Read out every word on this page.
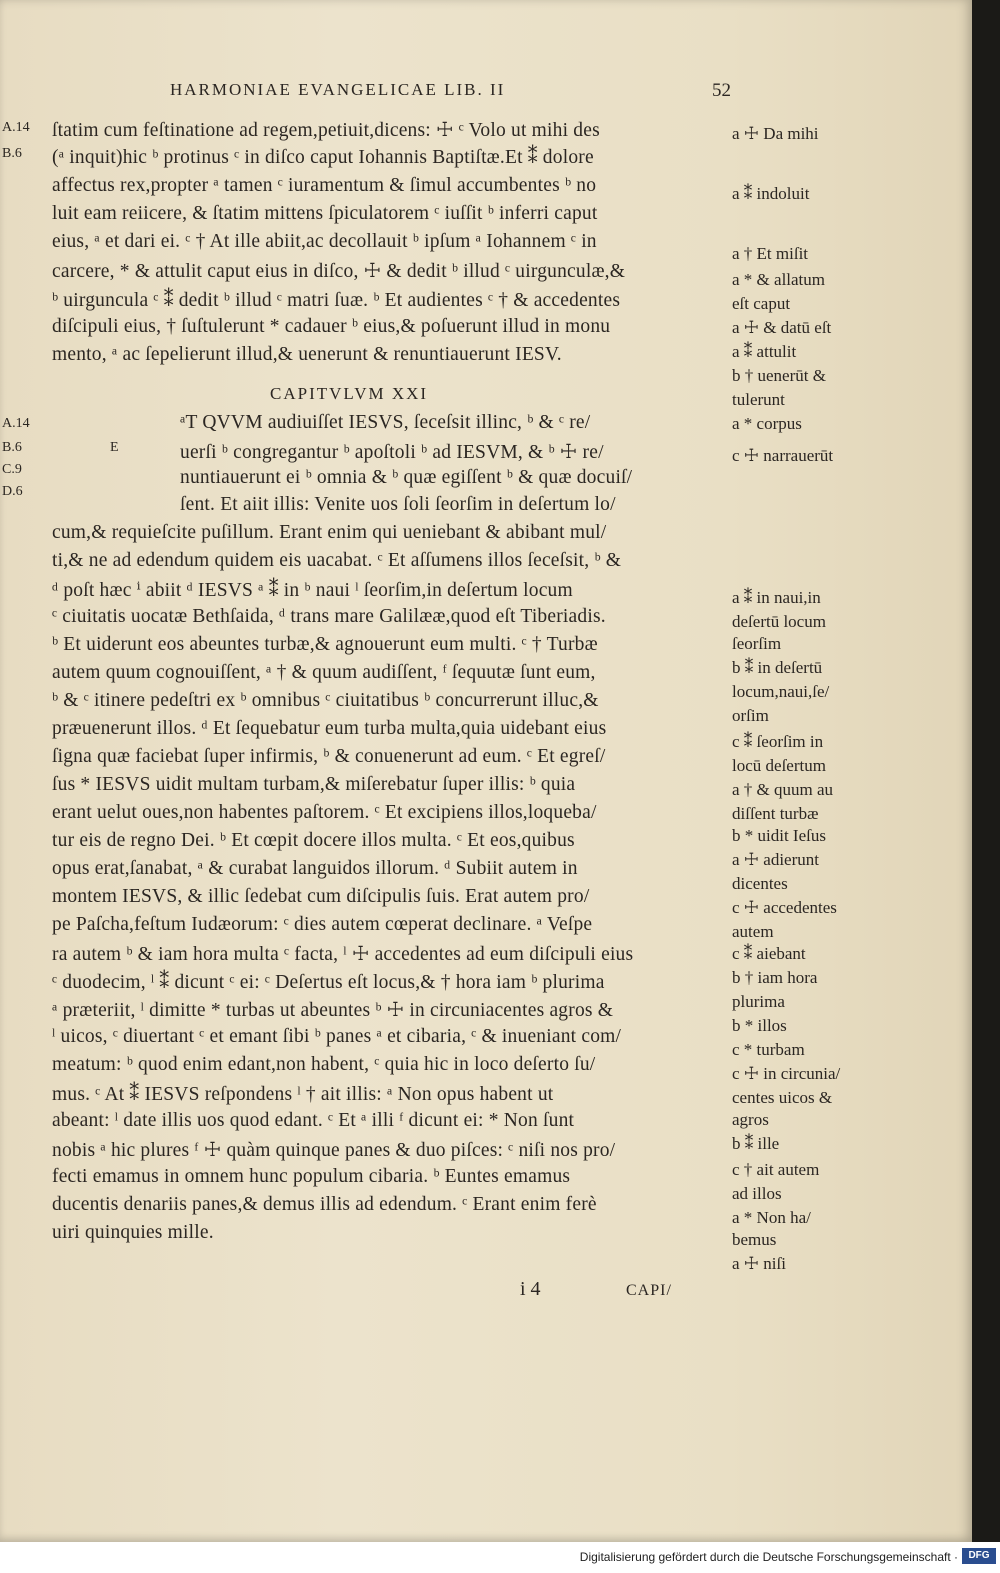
HARMONIAE EVANGELICAE LIB. II	52
A.14
B.6
A.14
B.6
C.9
D.6
E
ſtatim cum feſtinatione ad regem,petiuit,dicens: ☩ ᶜ Volo ut mihi des
(ᵃ inquit)hic ᵇ protinus ᶜ in diſco caput Iohannis Baptiſtæ.Et ⁑ dolore
affectus rex,propter ᵃ tamen ᶜ iuramentum & ſimul accumbentes ᵇ no
luit eam reiicere, & ſtatim mittens ſpiculatorem ᶜ iuſſit ᵇ inferri caput
eius, ᵃ et dari ei. ᶜ † At ille abiit,ac decollauit ᵇ ipſum ᵃ Iohannem ᶜ in
carcere, * & attulit caput eius in diſco, ☩ & dedit ᵇ illud ᶜ uirgunculæ,&
ᵇ uirguncula ᶜ ⁑ dedit ᵇ illud ᶜ matri ſuæ. ᵇ Et audientes ᶜ † & accedentes
diſcipuli eius, † ſuſtulerunt * cadauer ᵇ eius,& poſuerunt illud in monu
mento, ᵃ ac ſepelierunt illud,& uenerunt & renuntiauerunt IESV.
ᵃT QVVM audiuiſſet IESVS, ſeceſsit illinc, ᵇ & ᶜ re/
uerſi ᵇ congregantur ᵇ apoſtoli ᵇ ad IESVM, & ᵇ ☩ re/
nuntiauerunt ei ᵇ omnia & ᵇ quæ egiſſent ᵇ & quæ docuiſ/
ſent. Et aiit illis: Venite uos ſoli ſeorſim in deſertum lo/
cum,& requieſcite puſillum. Erant enim qui ueniebant & abibant mul/
ti,& ne ad edendum quidem eis uacabat. ᶜ Et aſſumens illos ſeceſsit, ᵇ &
ᵈ poſt hæc ⁱ abiit ᵈ IESVS ᵃ ⁑ in ᵇ naui ˡ ſeorſim,in deſertum locum
ᶜ ciuitatis uocatæ Bethſaida, ᵈ trans mare Galilææ,quod eſt Tiberiadis.
ᵇ Et uiderunt eos abeuntes turbæ,& agnouerunt eum multi. ᶜ † Turbæ
autem quum cognouiſſent, ᵃ † & quum audiſſent, ᶠ ſequutæ ſunt eum,
ᵇ & ᶜ itinere pedeſtri ex ᵇ omnibus ᶜ ciuitatibus ᵇ concurrerunt illuc,&
præuenerunt illos. ᵈ Et ſequebatur eum turba multa,quia uidebant eius
ſigna quæ faciebat ſuper infirmis, ᵇ & conuenerunt ad eum. ᶜ Et egreſ/
ſus * IESVS uidit multam turbam,& miſerebatur ſuper illis: ᵇ quia
erant uelut oues,non habentes paſtorem. ᶜ Et excipiens illos,loqueba/
tur eis de regno Dei. ᵇ Et cœpit docere illos multa. ᶜ Et eos,quibus
opus erat,ſanabat, ᵃ & curabat languidos illorum. ᵈ Subiit autem in
montem IESVS, & illic ſedebat cum diſcipulis ſuis. Erat autem pro/
pe Paſcha,feſtum Iudæorum: ᶜ dies autem cœperat declinare. ᵃ Veſpe
ra autem ᵇ & iam hora multa ᶜ facta, ˡ ☩ accedentes ad eum diſcipuli eius
ᶜ duodecim, ˡ ⁑ dicunt ᶜ ei: ᶜ Deſertus eſt locus,& † hora iam ᵇ plurima
ᵃ præteriit, ˡ dimitte * turbas ut abeuntes ᵇ ☩ in circuniacentes agros &
ˡ uicos, ᶜ diuertant ᶜ et emant ſibi ᵇ panes ᵃ et cibaria, ᶜ & inueniant com/
meatum: ᵇ quod enim edant,non habent, ᶜ quia hic in loco deſerto ſu/
mus. ᶜ At ⁑ IESVS reſpondens ˡ † ait illis: ᵃ Non opus habent ut
abeant: ˡ date illis uos quod edant. ᶜ Et ᵃ illi ᶠ dicunt ei: * Non ſunt
nobis ᵃ hic plures ᶠ ☩ quàm quinque panes & duo piſces: ᶜ niſi nos pro/
fecti emamus in omnem hunc populum cibaria. ᵇ Euntes emamus
ducentis denariis panes,& demus illis ad edendum. ᶜ Erant enim ferè
uiri quinquies mille.
CAPITVLVM XXI
a ☩ Da mihi
a ⁑ indoluit
a † Et miſit
a * & allatum
eſt caput
a ☩ & datū eſt
a ⁑ attulit
b † uenerūt &
tulerunt
a * corpus
c ☩ narrauerūt
a ⁑ in naui,in
deſertū locum
ſeorſim
b ⁑ in deſertū
locum,naui,ſe/
orſim
c ⁑ ſeorſim in
locū deſertum
a † & quum au
diſſent turbæ
b * uidit Ieſus
a ☩ adierunt
dicentes
c ☩ accedentes
autem
c ⁑ aiebant
b † iam hora
plurima
b * illos
c * turbam
c ☩ in circunia/
centes uicos &
agros
b ⁑ ille
c † ait autem
ad illos
a * Non ha/
bemus
a ☩ niſi
i 4	CAPI/
Digitalisierung gefördert durch die Deutsche Forschungsgemeinschaft ·	DFG
